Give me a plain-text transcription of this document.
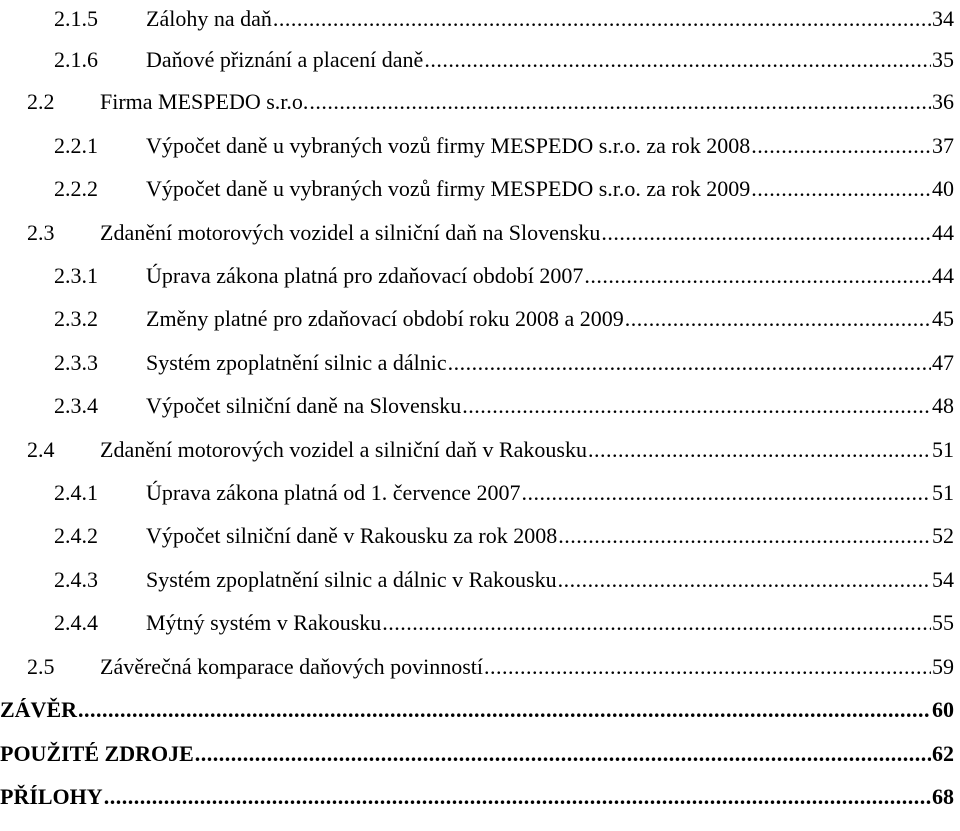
2.1.5	Zálohy na daň .....	34
2.1.6	Daňové přiznání a placení daně .....	35
2.2	Firma MESPEDO s.r.o. .....	36
2.2.1	Výpočet daně u vybraných vozů firmy MESPEDO s.r.o. za rok 2008 .....	37
2.2.2	Výpočet daně u vybraných vozů firmy MESPEDO s.r.o. za rok 2009 .....	40
2.3	Zdanění motorových vozidel a silniční daň na Slovensku .....	44
2.3.1	Úprava zákona platná pro zdaňovací období 2007 .....	44
2.3.2	Změny platné pro zdaňovací období roku 2008 a 2009 .....	45
2.3.3	Systém zpoplatnění silnic a dálnic .....	47
2.3.4	Výpočet silniční daně na Slovensku .....	48
2.4	Zdanění motorových vozidel a silniční daň v Rakousku .....	51
2.4.1	Úprava zákona platná od 1. července 2007 .....	51
2.4.2	Výpočet silniční daně v Rakousku za rok 2008 .....	52
2.4.3	Systém zpoplatnění silnic a dálnic v Rakousku .....	54
2.4.4	Mýtný systém v Rakousku .....	55
2.5	Závěrečná komparace daňových povinností .....	59
ZÁVĚR .....	60
POUŽITÉ ZDROJE .....	62
PŘÍLOHY .....	68
